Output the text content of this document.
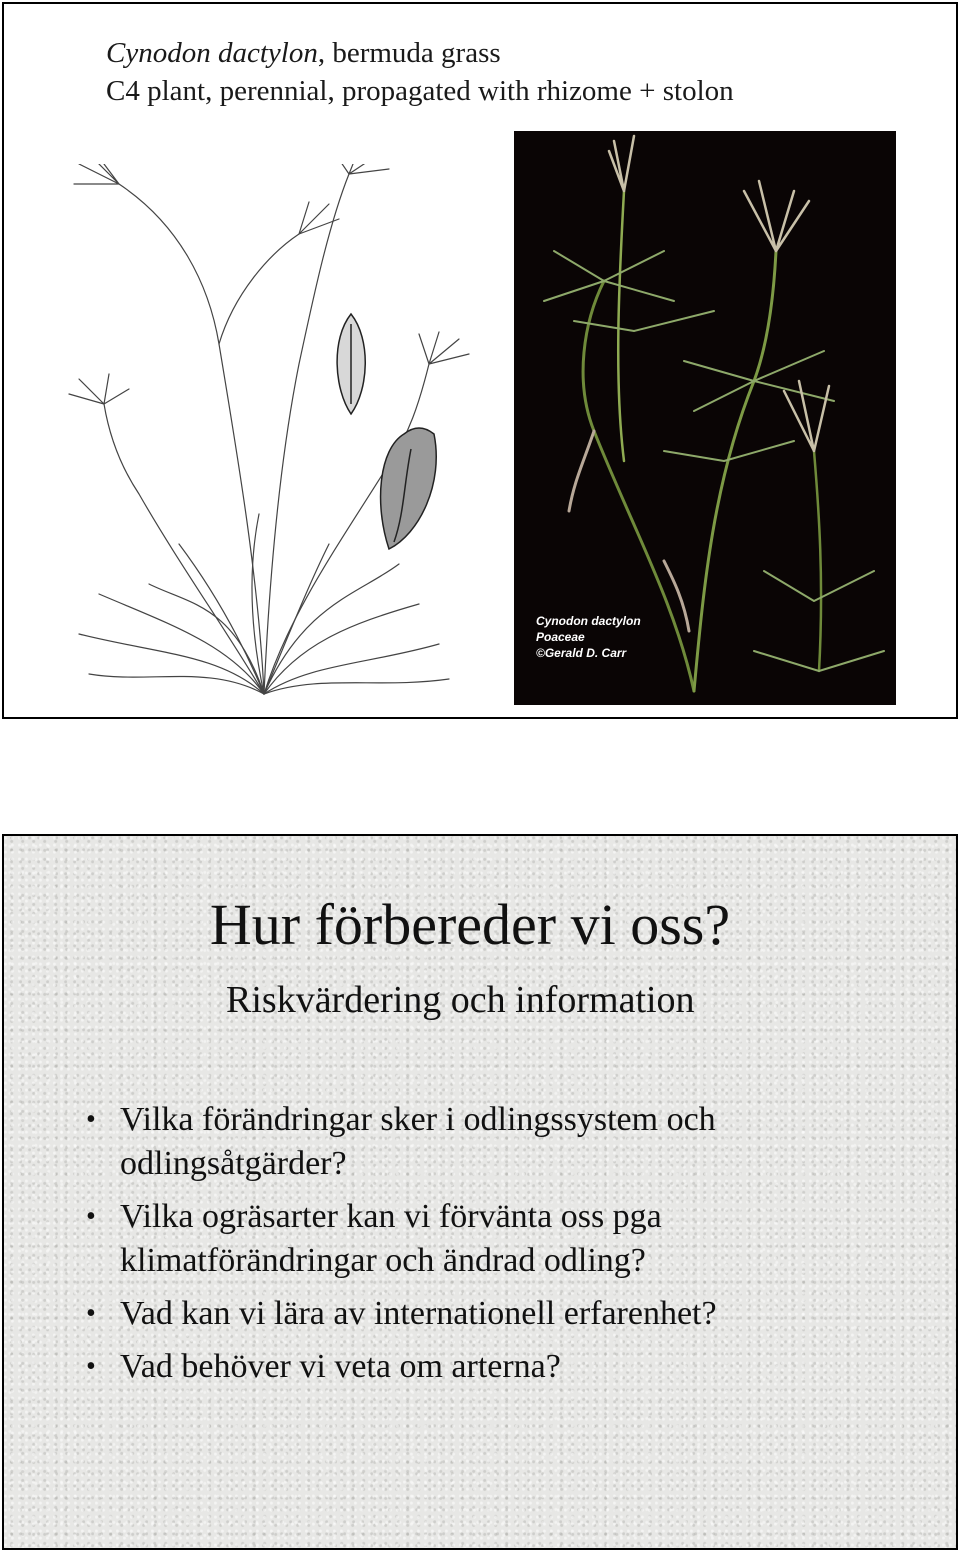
Cynodon dactylon, bermuda grass
C4 plant, perennial, propagated with rhizome + stolon
Cynodon dactylon
Poaceae
©Gerald D. Carr
Hur förbereder vi oss?
Riskvärdering och information
• Vilka förändringar sker i odlingssystem och odlingsåtgärder?
• Vilka ogräsarter kan vi förvänta oss pga klimatförändringar och ändrad odling?
• Vad kan vi lära av internationell erfarenhet?
• Vad behöver vi veta om arterna?
